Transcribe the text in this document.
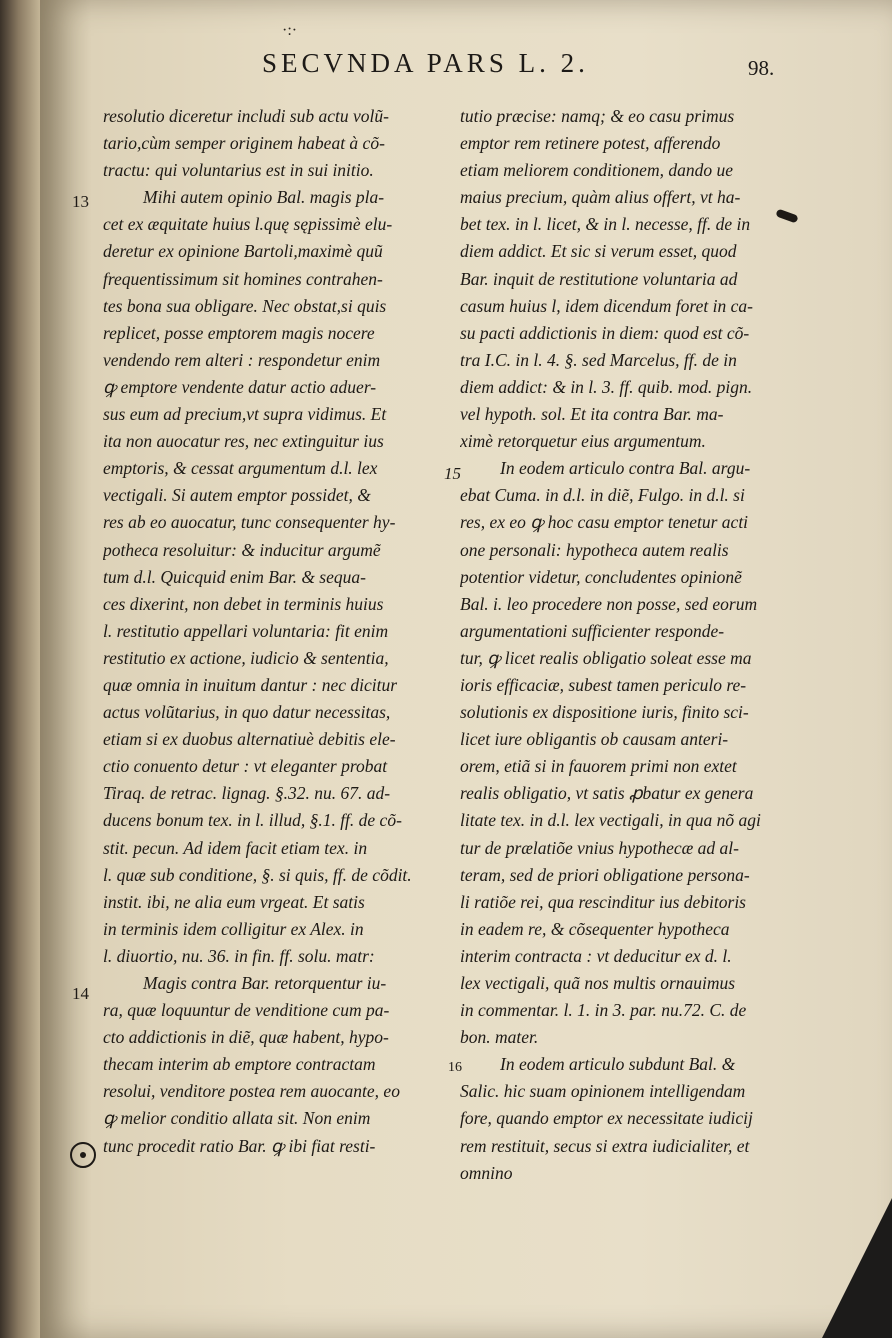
·:·
SECVNDA PARS L. 2.	98.
13
14
15
16
resolutio diceretur includi sub actu volũ-
tario,cùm semper originem habeat à cõ-
tractu: qui voluntarius est in sui initio.
Mihi autem opinio Bal. magis pla-
cet ex æquitate huius l.quę sępissimè elu-
deretur ex opinione Bartoli,maximè quũ
frequentissimum sit homines contrahen-
tes bona sua obligare. Nec obstat,si quis
replicet, posse emptorem magis nocere
vendendo rem alteri : respondetur enim
ꝙ emptore vendente datur actio aduer-
sus eum ad precium,vt supra vidimus. Et
ita non auocatur res, nec extinguitur ius
emptoris, & cessat argumentum d.l. lex
vectigali. Si autem emptor possidet, &
res ab eo auocatur, tunc consequenter hy-
potheca resoluitur: & inducitur argumẽ
tum d.l. Quicquid enim Bar. & sequa-
ces dixerint, non debet in terminis huius
l. restitutio appellari voluntaria: fit enim
restitutio ex actione, iudicio & sententia,
quæ omnia in inuitum dantur : nec dicitur
actus volũtarius, in quo datur necessitas,
etiam si ex duobus alternatiuè debitis ele-
ctio conuento detur : vt eleganter probat
Tiraq. de retrac. lignag. §.32. nu. 67. ad-
ducens bonum tex. in l. illud, §.1. ff. de cõ-
stit. pecun. Ad idem facit etiam tex. in
l. quæ sub conditione, §. si quis, ff. de cõdit.
instit. ibi, ne alia eum vrgeat. Et satis
in terminis idem colligitur ex Alex. in
l. diuortio, nu. 36. in fin. ff. solu. matr:
Magis contra Bar. retorquentur iu-
ra, quæ loquuntur de venditione cum pa-
cto addictionis in diẽ, quæ habent, hypo-
thecam interim ab emptore contractam
resolui, venditore postea rem auocante, eo
ꝙ melior conditio allata sit. Non enim
tunc procedit ratio Bar. ꝙ ibi fiat resti-
tutio præcise: namq; & eo casu primus
emptor rem retinere potest, afferendo
etiam meliorem conditionem, dando ue
maius precium, quàm alius offert, vt ha-
bet tex. in l. licet, & in l. necesse, ff. de in
diem addict. Et sic si verum esset, quod
Bar. inquit de restitutione voluntaria ad
casum huius l, idem dicendum foret in ca-
su pacti addictionis in diem: quod est cõ-
tra I.C. in l. 4. §. sed Marcelus, ff. de in
diem addict: & in l. 3. ff. quib. mod. pign.
vel hypoth. sol. Et ita contra Bar. ma-
ximè retorquetur eius argumentum.
In eodem articulo contra Bal. argu-
ebat Cuma. in d.l. in diẽ, Fulgo. in d.l. si
res, ex eo ꝙ hoc casu emptor tenetur acti
one personali: hypotheca autem realis
potentior videtur, concludentes opinionẽ
Bal. i. leo procedere non posse, sed eorum
argumentationi sufficienter responde-
tur, ꝙ licet realis obligatio soleat esse ma
ioris efficaciæ, subest tamen periculo re-
solutionis ex dispositione iuris, finito sci-
licet iure obligantis ob causam anteri-
orem, etiã si in fauorem primi non extet
realis obligatio, vt satis ꝓbatur ex genera
litate tex. in d.l. lex vectigali, in qua nõ agi
tur de prælatiõe vnius hypothecæ ad al-
teram, sed de priori obligatione persona-
li ratiõe rei, qua rescinditur ius debitoris
in eadem re, & cõsequenter hypotheca
interim contracta : vt deducitur ex d. l.
lex vectigali, quã nos multis ornauimus
in commentar. l. 1. in 3. par. nu.72. C. de
bon. mater.
In eodem articulo subdunt Bal. &
Salic. hic suam opinionem intelligendam
fore, quando emptor ex necessitate iudicij
rem restituit, secus si extra iudicialiter, et
omnino
